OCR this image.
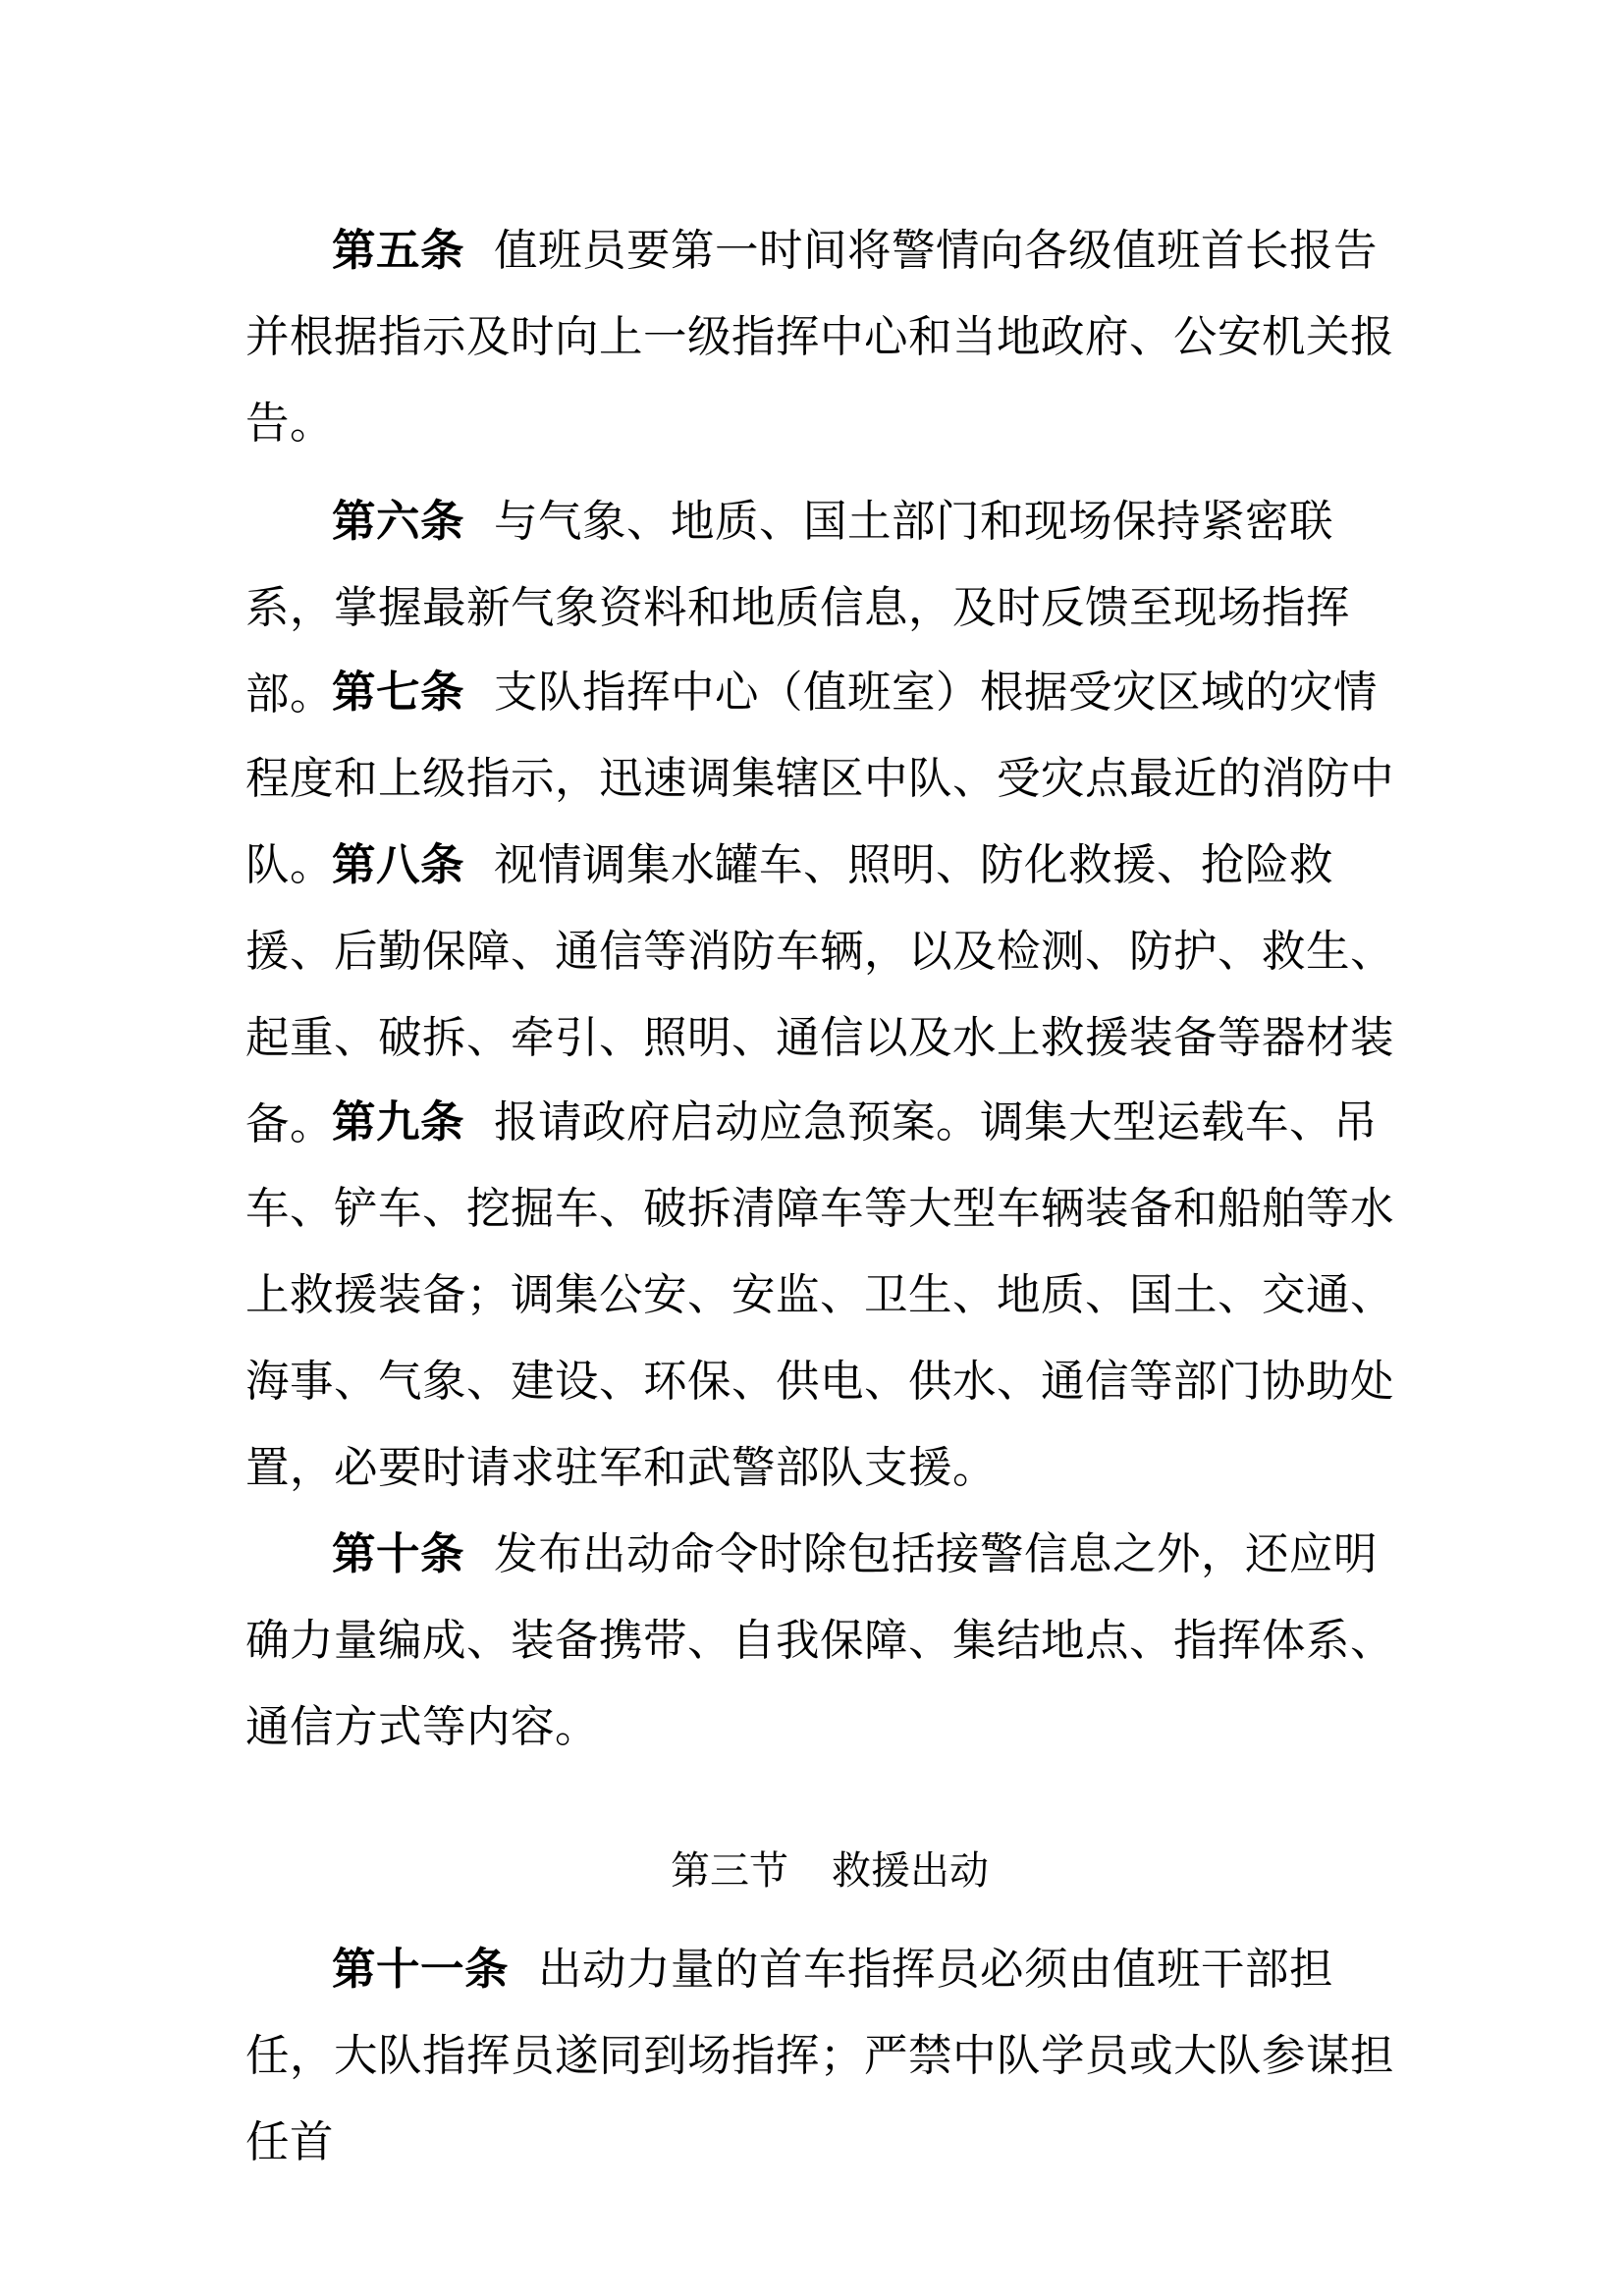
第五条 值班员要第一时间将警情向各级值班首长报告并根据指示及时向上一级指挥中心和当地政府、公安机关报告。

第六条 与气象、地质、国土部门和现场保持紧密联系，掌握最新气象资料和地质信息，及时反馈至现场指挥部。

第七条 支队指挥中心（值班室）根据受灾区域的灾情程度和上级指示，迅速调集辖区中队、受灾点最近的消防中队。

第八条 视情调集水罐车、照明、防化救援、抢险救援、后勤保障、通信等消防车辆，以及检测、防护、救生、起重、破拆、牵引、照明、通信以及水上救援装备等器材装备。

第九条 报请政府启动应急预案。调集大型运载车、吊车、铲车、挖掘车、破拆清障车等大型车辆装备和船舶等水上救援装备；调集公安、安监、卫生、地质、国土、交通、海事、气象、建设、环保、供电、供水、通信等部门协助处置，必要时请求驻军和武警部队支援。

第十条 发布出动命令时除包括接警信息之外，还应明确力量编成、装备携带、自我保障、集结地点、指挥体系、通信方式等内容。

第三节 救援出动

第十一条 出动力量的首车指挥员必须由值班干部担任，大队指挥员遂同到场指挥；严禁中队学员或大队参谋担任首
